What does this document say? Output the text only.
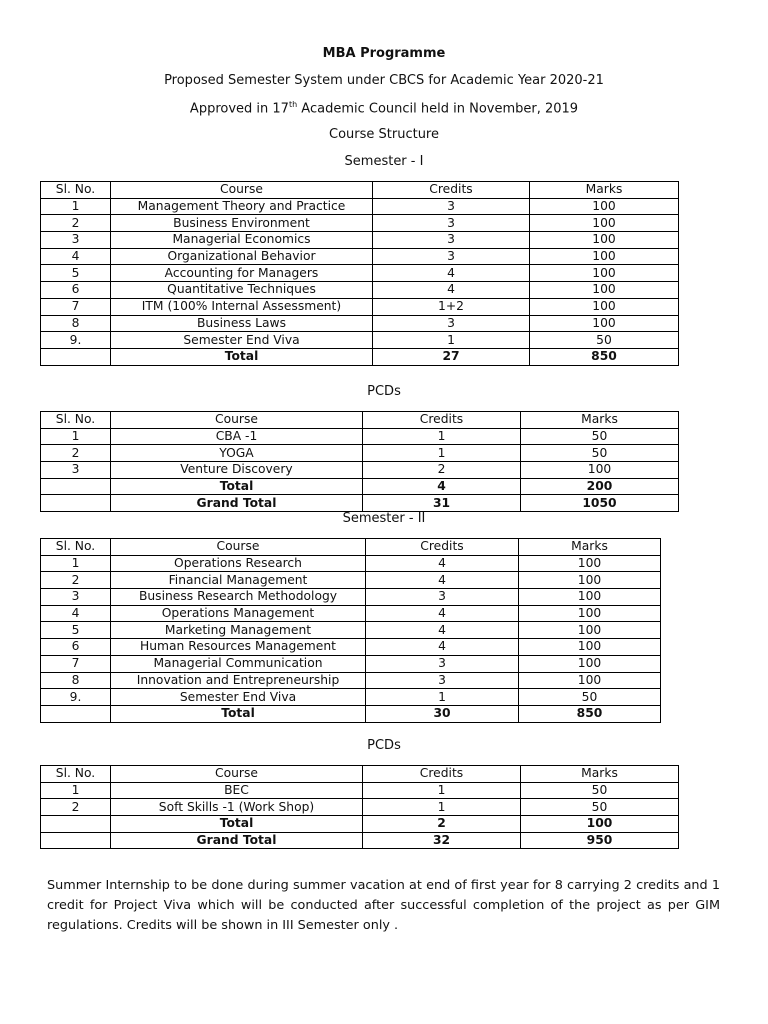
MBA Programme
Proposed Semester System under CBCS for Academic Year 2020-21
Approved in 17th Academic Council held in November, 2019
Course Structure
Semester - I
Sl. No.	Course	Credits	Marks
1	Management Theory and Practice	3	100
2	Business Environment	3	100
3	Managerial Economics	3	100
4	Organizational Behavior	3	100
5	Accounting for Managers	4	100
6	Quantitative Techniques	4	100
7	ITM (100% Internal Assessment)	1+2	100
8	Business Laws	3	100
9.	Semester End Viva	1	50
	Total	27	850
PCDs
Sl. No.	Course	Credits	Marks
1	CBA -1	1	50
2	YOGA	1	50
3	Venture Discovery	2	100
	Total	4	200
	Grand Total	31	1050
Semester - II
Sl. No.	Course	Credits	Marks
1	Operations Research	4	100
2	Financial Management	4	100
3	Business Research Methodology	3	100
4	Operations Management	4	100
5	Marketing Management	4	100
6	Human Resources Management	4	100
7	Managerial Communication	3	100
8	Innovation and Entrepreneurship	3	100
9.	Semester End Viva	1	50
	Total	30	850
PCDs
Sl. No.	Course	Credits	Marks
1	BEC	1	50
2	Soft Skills -1 (Work Shop)	1	50
	Total	2	100
	Grand Total	32	950
Summer Internship to be done during summer vacation at end of first year for 8 carrying 2 credits and 1 credit for Project Viva which will be conducted after successful completion of the project as per GIM regulations. Credits will be shown in III Semester only .
